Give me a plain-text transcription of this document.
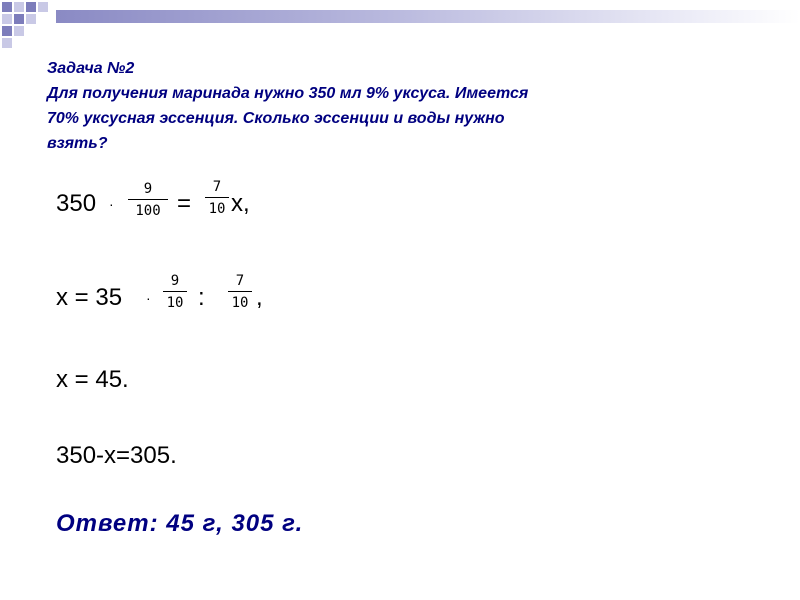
Задача №2
Для получения маринада нужно 350 мл 9% уксуса. Имеется
70% уксусная эссенция. Сколько эссенции и воды нужно
взять?
350 ·
9
100 =
7
10 x,
x = 35 ·
9
10 :
7
10 ,
x = 45.
350-x=305.
Ответ: 45 г, 305 г.
